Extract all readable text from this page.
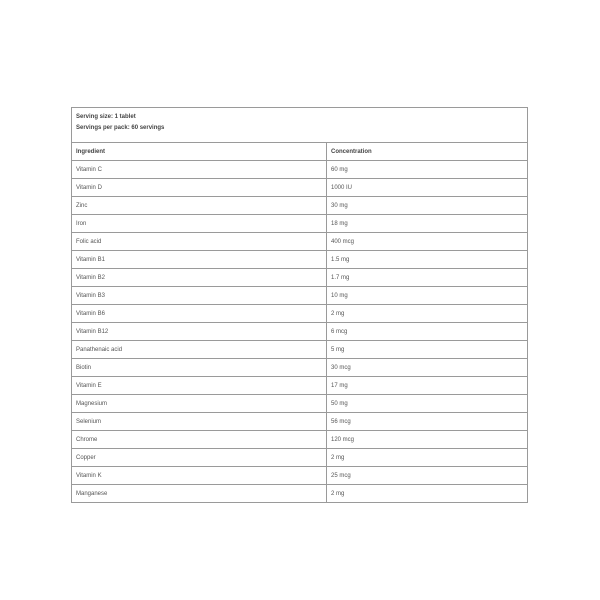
Serving size: 1 tablet
Servings per pack: 60 servings
Ingredient	Concentration
Vitamin C	60 mg
Vitamin D	1000 IU
Zinc	30 mg
Iron	18 mg
Folic acid	400 mcg
Vitamin B1	1.5 mg
Vitamin B2	1.7 mg
Vitamin B3	10 mg
Vitamin B6	2 mg
Vitamin B12	6 mcg
Panathenaic acid	5 mg
Biotin	30 mcg
Vitamin E	17 mg
Magnesium	50 mg
Selenium	56 mcg
Chrome	120 mcg
Copper	2 mg
Vitamin K	25 mcg
Manganese	2 mg
